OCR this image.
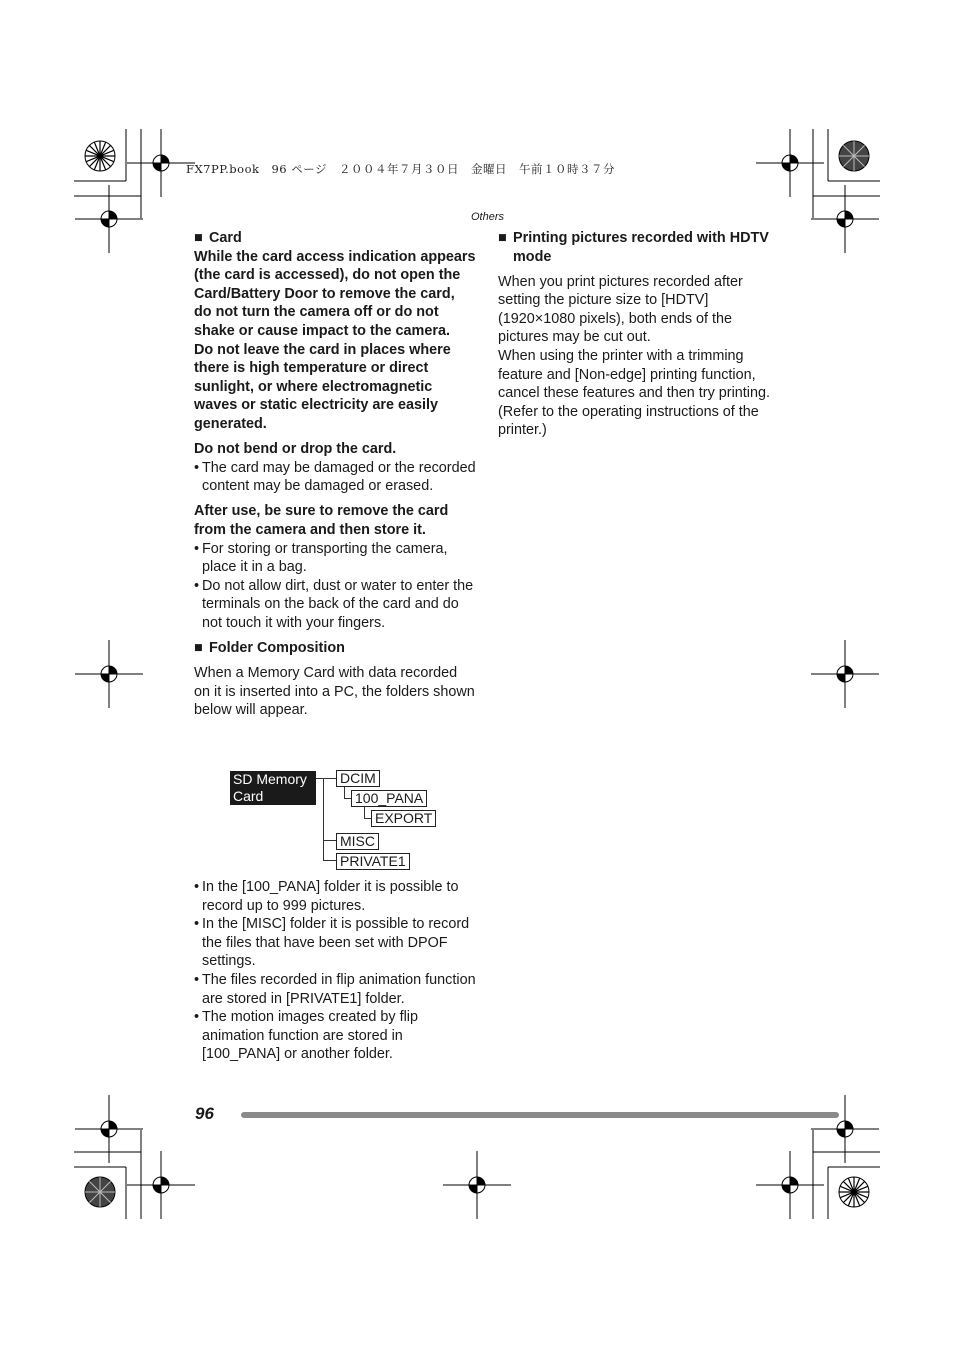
FX7PP.book　96 ページ　２００４年７月３０日　金曜日　午前１０時３７分
Others
■ Card

While the card access indication appears (the card is accessed), do not open the Card/Battery Door to remove the card, do not turn the camera off or do not shake or cause impact to the camera.

Do not leave the card in places where there is high temperature or direct sunlight, or where electromagnetic waves or static electricity are easily generated.

Do not bend or drop the card.

• The card may be damaged or the recorded content may be damaged or erased.

After use, be sure to remove the card from the camera and then store it.

• For storing or transporting the camera, place it in a bag.
• Do not allow dirt, dust or water to enter the terminals on the back of the card and do not touch it with your fingers.
■ Folder Composition

When a Memory Card with data recorded on it is inserted into a PC, the folders shown below will appear.

SD Memory
Card
DCIM
100_PANA
EXPORT
MISC
PRIVATE1
• In the [100_PANA] folder it is possible to record up to 999 pictures.
• In the [MISC] folder it is possible to record the files that have been set with DPOF settings.
• The files recorded in flip animation function are stored in [PRIVATE1] folder.
• The motion images created by flip animation function are stored in [100_PANA] or another folder.
■ Printing pictures recorded with HDTV mode

When you print pictures recorded after setting the picture size to [HDTV] (1920×1080 pixels), both ends of the pictures may be cut out.

When using the printer with a trimming feature and [Non-edge] printing function, cancel these features and then try printing. (Refer to the operating instructions of the printer.)

96
